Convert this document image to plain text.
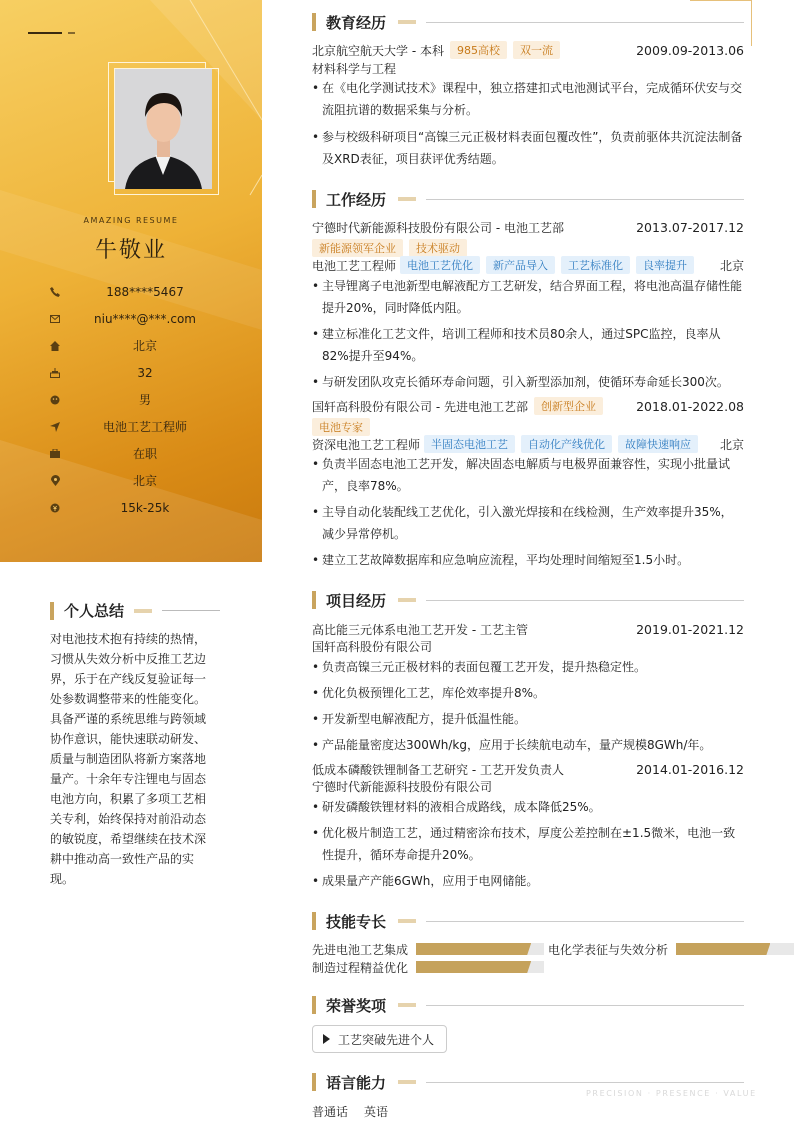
AMAZING RESUME
牛敬业
188****5467
niu****@***.com
北京
32
男
电池工艺工程师
在职
北京
15k-25k
个人总结
对电池技术抱有持续的热情，习惯从失效分析中反推工艺边界，乐于在产线反复验证每一处参数调整带来的性能变化。具备严谨的系统思维与跨领域协作意识，能快速联动研发、质量与制造团队将新方案落地量产。十余年专注锂电与固态电池方向，积累了多项工艺相关专利，始终保持对前沿动态的敏锐度，希望继续在技术深耕中推动高一致性产品的实现。
教育经历
北京航空航天大学 - 本科	985高校	双一流	2009.09-2013.06
材料科学与工程
• 在《电化学测试技术》课程中，独立搭建扣式电池测试平台，完成循环伏安与交流阻抗谱的数据采集与分析。
• 参与校级科研项目“高镍三元正极材料表面包覆改性”，负责前驱体共沉淀法制备及XRD表征，项目获评优秀结题。
工作经历
宁德时代新能源科技股份有限公司 - 电池工艺部	2013.07-2017.12
新能源领军企业	技术驱动
电池工艺工程师	电池工艺优化	新产品导入	工艺标准化	良率提升	北京
• 主导锂离子电池新型电解液配方工艺研发，结合界面工程，将电池高温存储性能提升20%，同时降低内阻。
• 建立标准化工艺文件，培训工程师和技术员80余人，通过SPC监控，良率从82%提升至94%。
• 与研发团队攻克长循环寿命问题，引入新型添加剂，使循环寿命延长300次。
国轩高科股份有限公司 - 先进电池工艺部	创新型企业	2018.01-2022.08
电池专家
资深电池工艺工程师	半固态电池工艺	自动化产线优化	故障快速响应	北京
• 负责半固态电池工艺开发，解决固态电解质与电极界面兼容性，实现小批量试产，良率78%。
• 主导自动化装配线工艺优化，引入激光焊接和在线检测，生产效率提升35%，减少异常停机。
• 建立工艺故障数据库和应急响应流程，平均处理时间缩短至1.5小时。
项目经历
高比能三元体系电池工艺开发 - 工艺主管	2019.01-2021.12
国轩高科股份有限公司
• 负责高镍三元正极材料的表面包覆工艺开发，提升热稳定性。
• 优化负极预锂化工艺，库伦效率提升8%。
• 开发新型电解液配方，提升低温性能。
• 产品能量密度达300Wh/kg，应用于长续航电动车，量产规模8GWh/年。
低成本磷酸铁锂制备工艺研究 - 工艺开发负责人	2014.01-2016.12
宁德时代新能源科技股份有限公司
• 研发磷酸铁锂材料的液相合成路线，成本降低25%。
• 优化极片制造工艺，通过精密涂布技术，厚度公差控制在±1.5微米，电池一致性提升，循环寿命提升20%。
• 成果量产产能6GWh，应用于电网储能。
技能专长
先进电池工艺集成	电化学表征与失效分析
制造过程精益优化
荣誉奖项
工艺突破先进个人
语言能力
普通话 英语
PRECISION · PRESENCE · VALUE
